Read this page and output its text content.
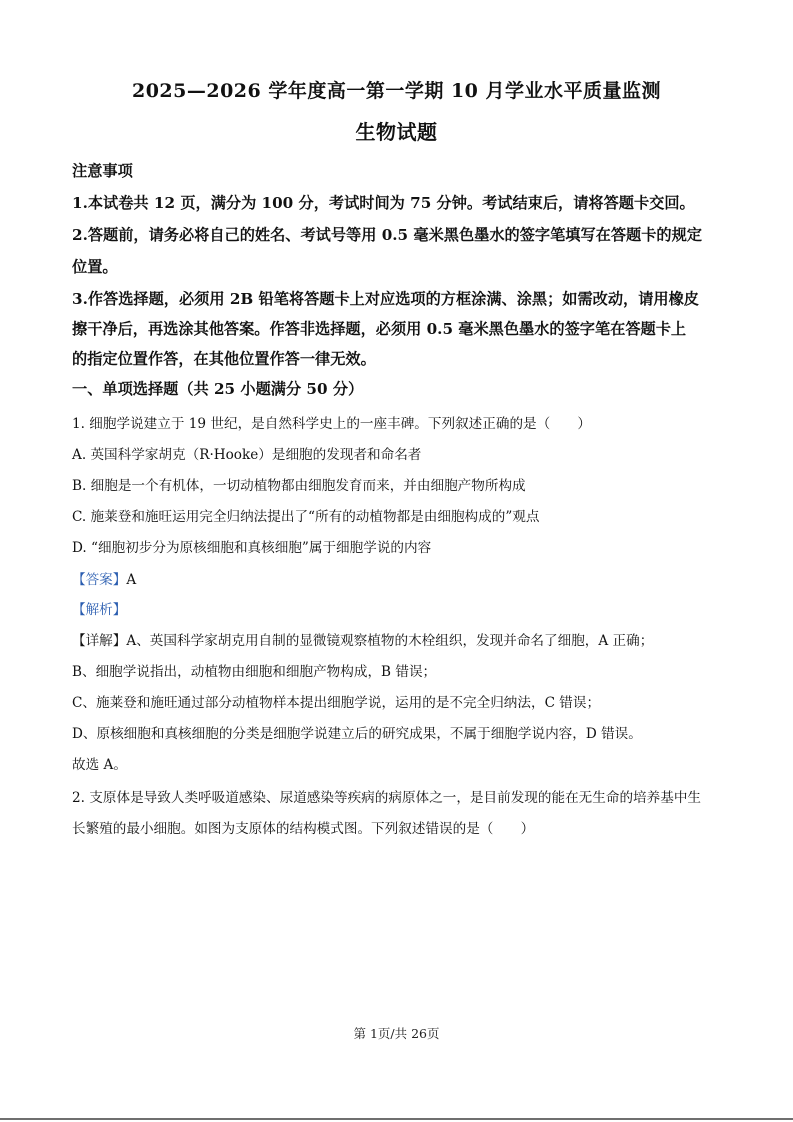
2025—2026 学年度高一第一学期 10 月学业水平质量监测
生物试题
注意事项
1.本试卷共 12 页，满分为 100 分，考试时间为 75 分钟。考试结束后，请将答题卡交回。
2.答题前，请务必将自己的姓名、考试号等用 0.5 毫米黑色墨水的签字笔填写在答题卡的规定
位置。
3.作答选择题，必须用 2B 铅笔将答题卡上对应选项的方框涂满、涂黑；如需改动，请用橡皮
擦干净后，再选涂其他答案。作答非选择题，必须用 0.5 毫米黑色墨水的签字笔在答题卡上
的指定位置作答，在其他位置作答一律无效。
一、单项选择题（共 25 小题满分 50 分）
1. 细胞学说建立于 19 世纪，是自然科学史上的一座丰碑。下列叙述正确的是（　　）
A. 英国科学家胡克（R·Hooke）是细胞的发现者和命名者
B. 细胞是一个有机体，一切动植物都由细胞发育而来，并由细胞产物所构成
C. 施莱登和施旺运用完全归纳法提出了“所有的动植物都是由细胞构成的”观点
D. “细胞初步分为原核细胞和真核细胞”属于细胞学说的内容
【答案】A
【解析】
【详解】A、英国科学家胡克用自制的显微镜观察植物的木栓组织，发现并命名了细胞，A 正确；
B、细胞学说指出，动植物由细胞和细胞产物构成，B 错误；
C、施莱登和施旺通过部分动植物样本提出细胞学说，运用的是不完全归纳法，C 错误；
D、原核细胞和真核细胞的分类是细胞学说建立后的研究成果，不属于细胞学说内容，D 错误。
故选 A。
2. 支原体是导致人类呼吸道感染、尿道感染等疾病的病原体之一，是目前发现的能在无生命的培养基中生
长繁殖的最小细胞。如图为支原体的结构模式图。下列叙述错误的是（　　）
第 1页/共 26页
